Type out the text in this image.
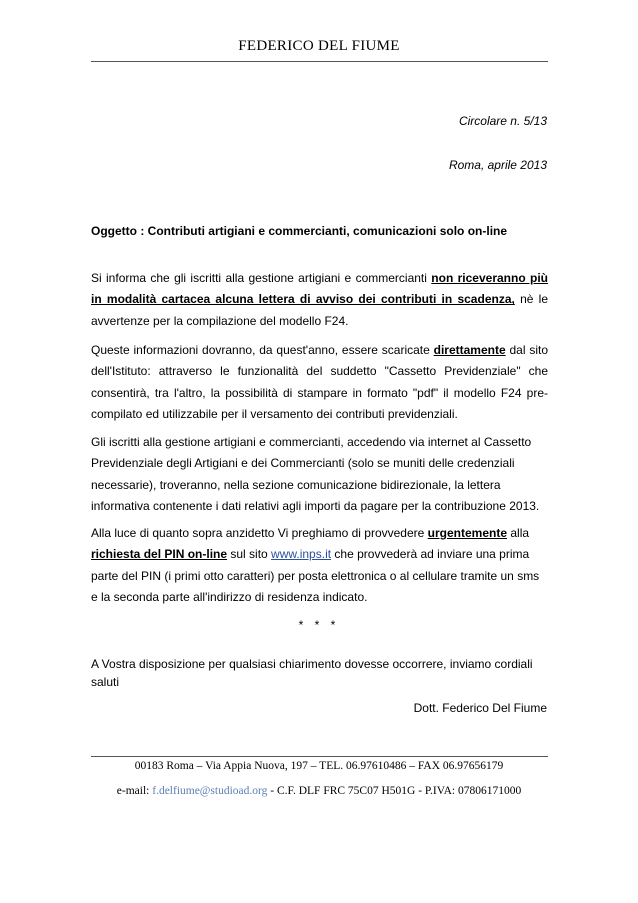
FEDERICO DEL FIUME
Circolare n. 5/13
Roma, aprile 2013
Oggetto : Contributi artigiani e commercianti, comunicazioni solo on-line
Si informa che gli iscritti alla gestione artigiani e commercianti non riceveranno più in modalità cartacea alcuna lettera di avviso dei contributi in scadenza, nè le avvertenze per la compilazione del modello F24.
Queste informazioni dovranno, da quest'anno, essere scaricate direttamente dal sito dell'Istituto: attraverso le funzionalità del suddetto "Cassetto Previdenziale" che consentirà, tra l'altro, la possibilità di stampare in formato "pdf" il modello F24 pre-compilato ed utilizzabile per il versamento dei contributi previdenziali.
Gli iscritti alla gestione artigiani e commercianti, accedendo via internet al Cassetto Previdenziale degli Artigiani e dei Commercianti (solo se muniti delle credenziali necessarie), troveranno, nella sezione comunicazione bidirezionale, la lettera informativa contenente i dati relativi agli importi da pagare per la contribuzione 2013.
Alla luce di quanto sopra anzidetto Vi preghiamo di provvedere urgentemente alla richiesta del PIN on-line sul sito www.inps.it che provvederà ad inviare una prima parte del PIN (i primi otto caratteri) per posta elettronica o al cellulare tramite un sms e la seconda parte all'indirizzo di residenza indicato.
* * *
A Vostra disposizione per qualsiasi chiarimento dovesse occorrere, inviamo cordiali saluti
Dott. Federico Del Fiume
00183 Roma – Via Appia Nuova, 197 – TEL. 06.97610486 – FAX 06.97656179
e-mail: f.delfiume@studioad.org - C.F. DLF FRC 75C07 H501G - P.IVA: 07806171000
